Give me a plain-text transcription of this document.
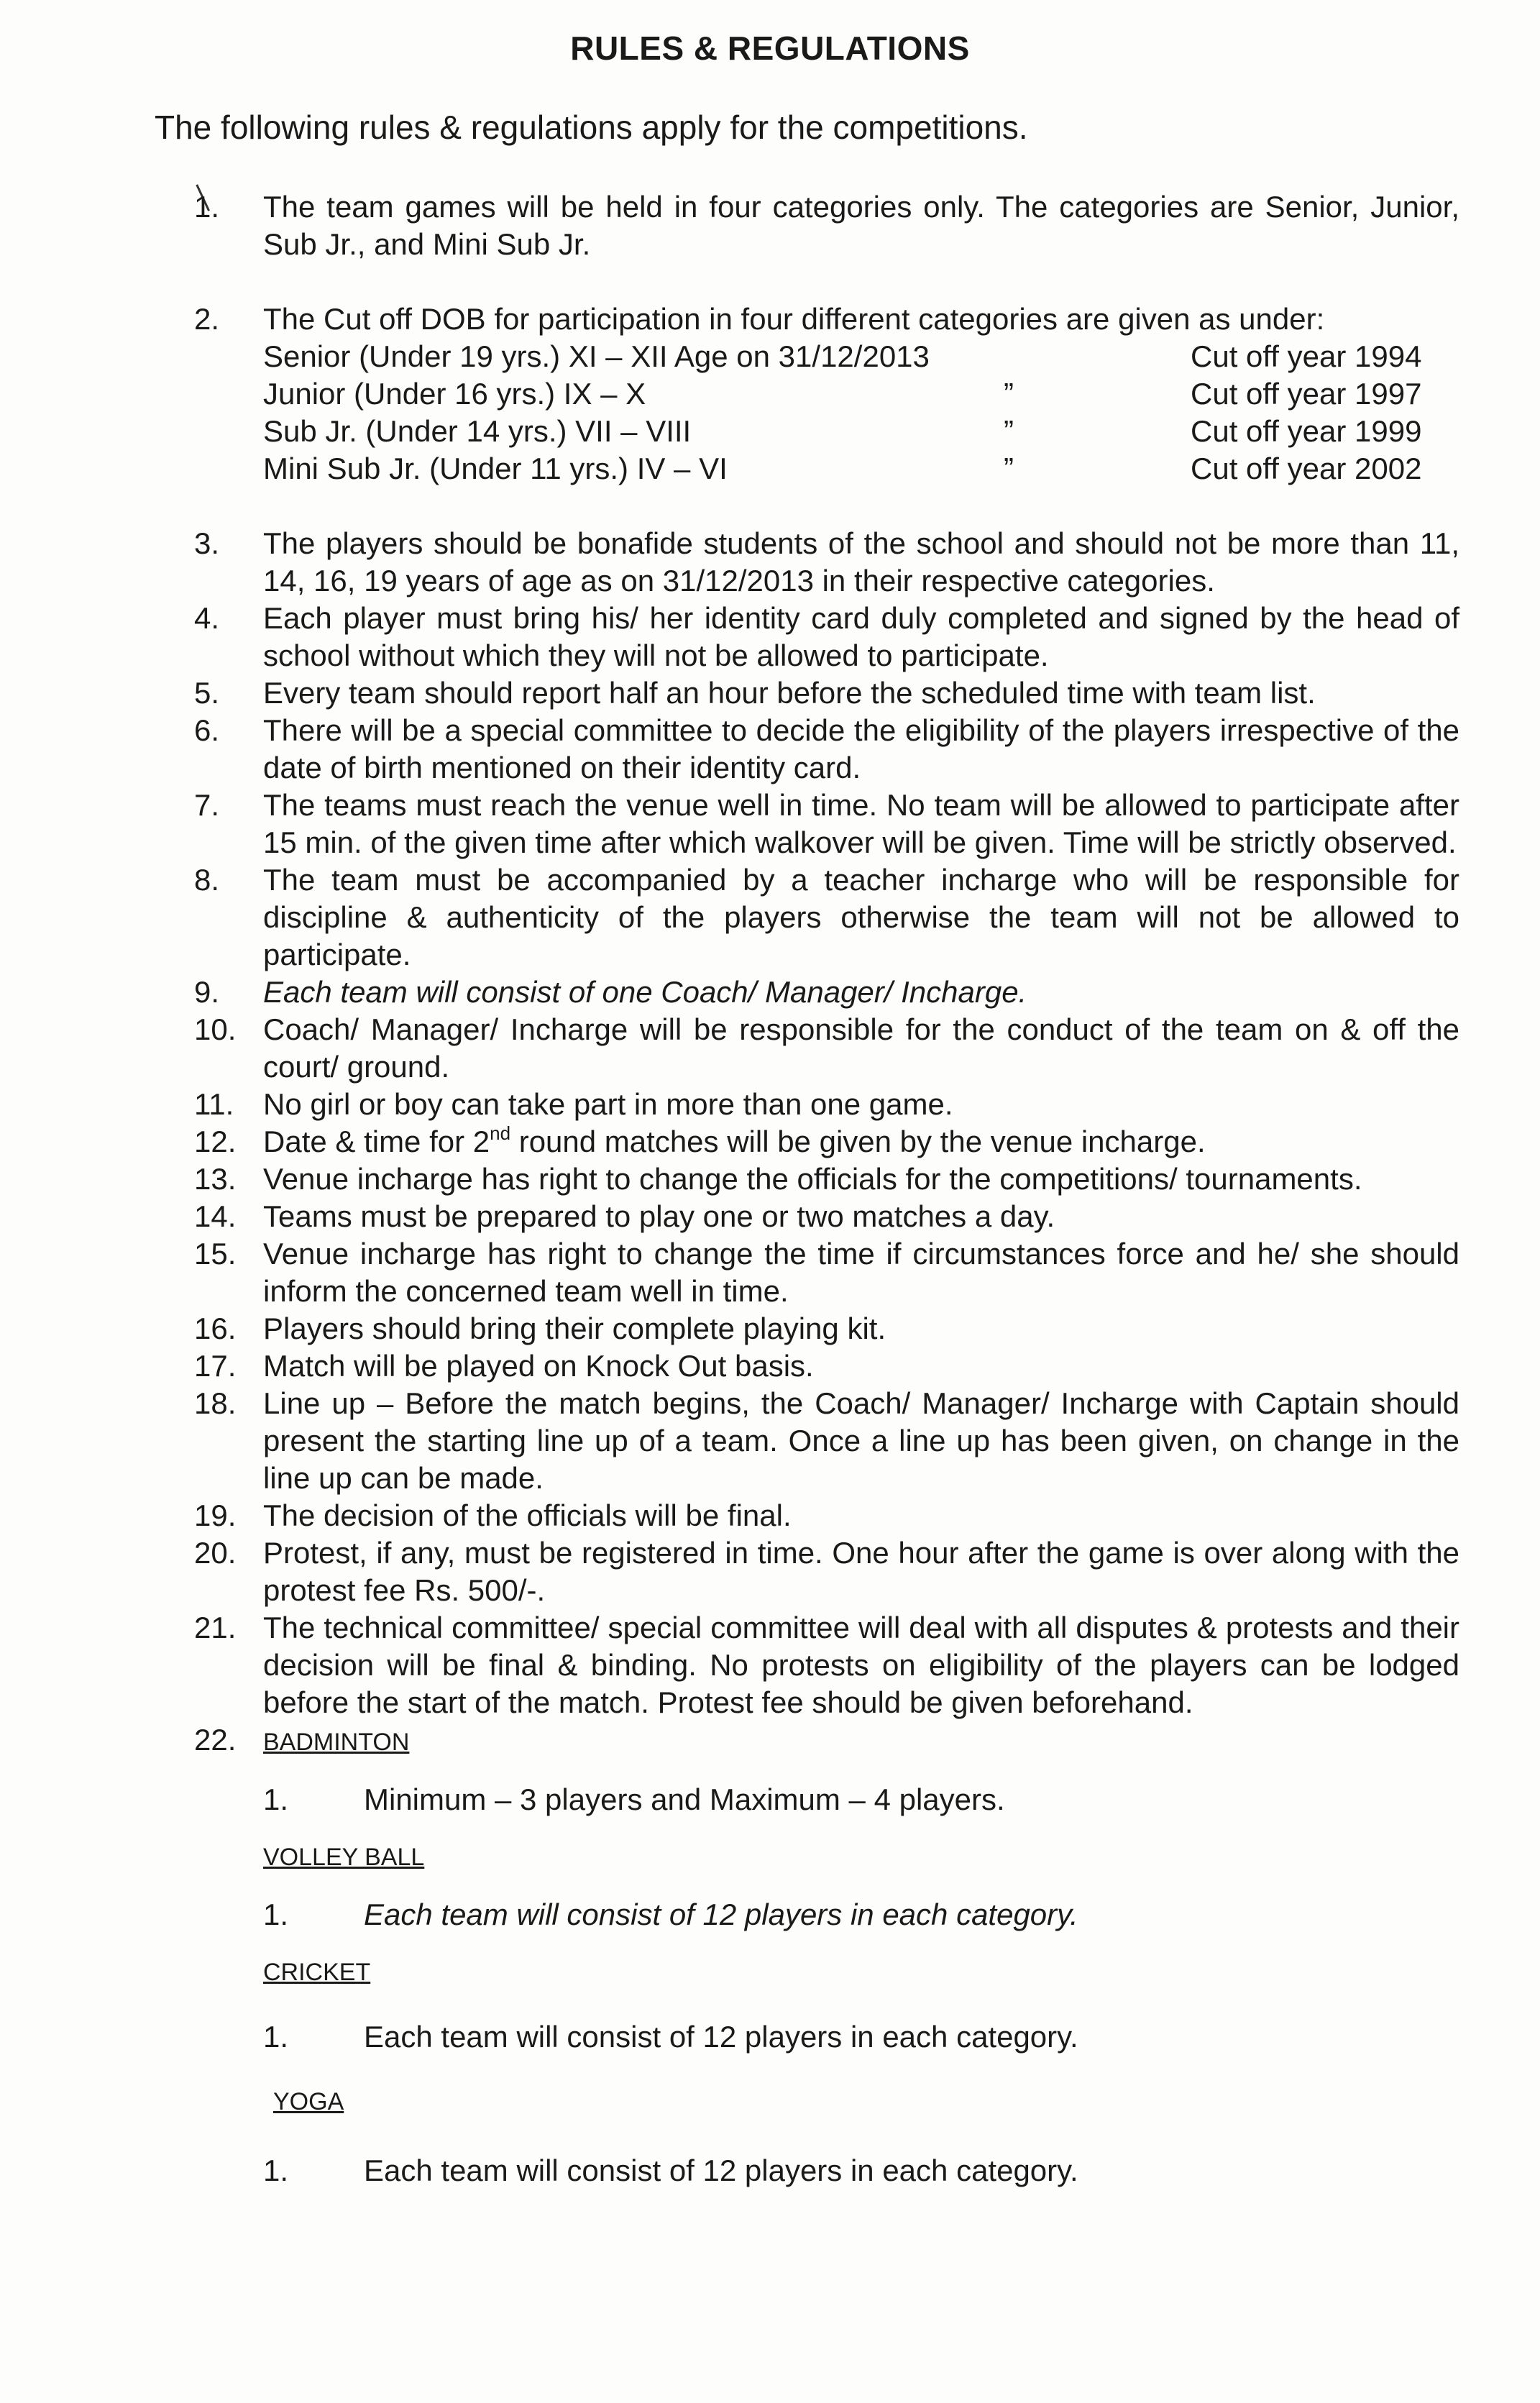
RULES & REGULATIONS
The following rules & regulations apply for the competitions.
1.	The team games will be held in four categories only. The categories are Senior, Junior, Sub Jr., and Mini Sub Jr.
2.	The Cut off DOB for participation in four different categories are given as under:
Senior (Under 19 yrs.) XI – XII Age on 31/12/2013		Cut off year 1994
Junior (Under 16 yrs.) IX – X	”	Cut off year 1997
Sub Jr. (Under 14 yrs.) VII – VIII	”	Cut off year 1999
Mini Sub Jr. (Under 11 yrs.) IV – VI	”	Cut off year 2002
3.	The players should be bonafide students of the school and should not be more than 11, 14, 16, 19 years of age as on 31/12/2013 in their respective categories.
4.	Each player must bring his/ her identity card duly completed and signed by the head of school without which they will not be allowed to participate.
5.	Every team should report half an hour before the scheduled time with team list.
6.	There will be a special committee to decide the eligibility of the players irrespective of the date of birth mentioned on their identity card.
7.	The teams must reach the venue well in time. No team will be allowed to participate after 15 min. of the given time after which walkover will be given. Time will be strictly observed.
8.	The team must be accompanied by a teacher incharge who will be responsible for discipline & authenticity of the players otherwise the team will not be allowed to participate.
9.	Each team will consist of one Coach/ Manager/ Incharge.
10. Coach/ Manager/ Incharge will be responsible for the conduct of the team on & off the court/ ground.
11. No girl or boy can take part in more than one game.
12. Date & time for 2nd round matches will be given by the venue incharge.
13. Venue incharge has right to change the officials for the competitions/ tournaments.
14. Teams must be prepared to play one or two matches a day.
15. Venue incharge has right to change the time if circumstances force and he/ she should inform the concerned team well in time.
16. Players should bring their complete playing kit.
17. Match will be played on Knock Out basis.
18. Line up – Before the match begins, the Coach/ Manager/ Incharge with Captain should present the starting line up of a team. Once a line up has been given, on change in the line up can be made.
19. The decision of the officials will be final.
20. Protest, if any, must be registered in time. One hour after the game is over along with the protest fee Rs. 500/-.
21. The technical committee/ special committee will deal with all disputes & protests and their decision will be final & binding. No protests on eligibility of the players can be lodged before the start of the match. Protest fee should be given beforehand.
22.	BADMINTON
1. Minimum – 3 players and Maximum – 4 players.
VOLLEY BALL
1. Each team will consist of 12 players in each category.
CRICKET
1. Each team will consist of 12 players in each category.
YOGA
1. Each team will consist of 12 players in each category.
